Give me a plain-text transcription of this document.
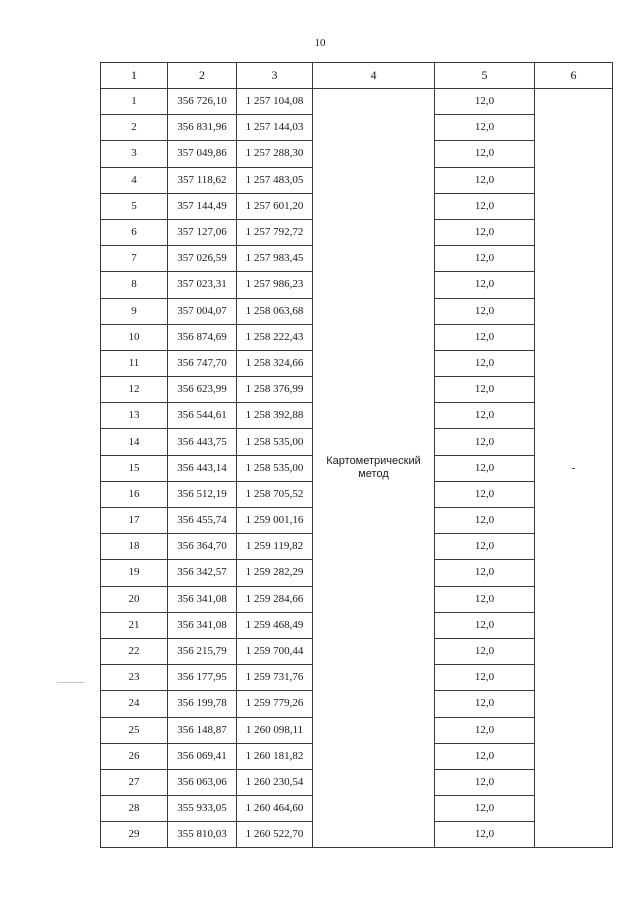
10
1	2	3	4	5	6
1	356 726,10	1 257 104,08	Картометрический метод	12,0	-
2	356 831,96	1 257 144,03		12,0	
3	357 049,86	1 257 288,30		12,0	
4	357 118,62	1 257 483,05		12,0	
5	357 144,49	1 257 601,20		12,0	
6	357 127,06	1 257 792,72		12,0	
7	357 026,59	1 257 983,45		12,0	
8	357 023,31	1 257 986,23		12,0	
9	357 004,07	1 258 063,68		12,0	
10	356 874,69	1 258 222,43		12,0	
11	356 747,70	1 258 324,66		12,0	
12	356 623,99	1 258 376,99		12,0	
13	356 544,61	1 258 392,88		12,0	
14	356 443,75	1 258 535,00		12,0	
15	356 443,14	1 258 535,00		12,0	
16	356 512,19	1 258 705,52		12,0	
17	356 455,74	1 259 001,16		12,0	
18	356 364,70	1 259 119,82		12,0	
19	356 342,57	1 259 282,29		12,0	
20	356 341,08	1 259 284,66		12,0	
21	356 341,08	1 259 468,49		12,0	
22	356 215,79	1 259 700,44		12,0	
23	356 177,95	1 259 731,76		12,0	
24	356 199,78	1 259 779,26		12,0	
25	356 148,87	1 260 098,11		12,0	
26	356 069,41	1 260 181,82		12,0	
27	356 063,06	1 260 230,54		12,0	
28	355 933,05	1 260 464,60		12,0	
29	355 810,03	1 260 522,70		12,0	
